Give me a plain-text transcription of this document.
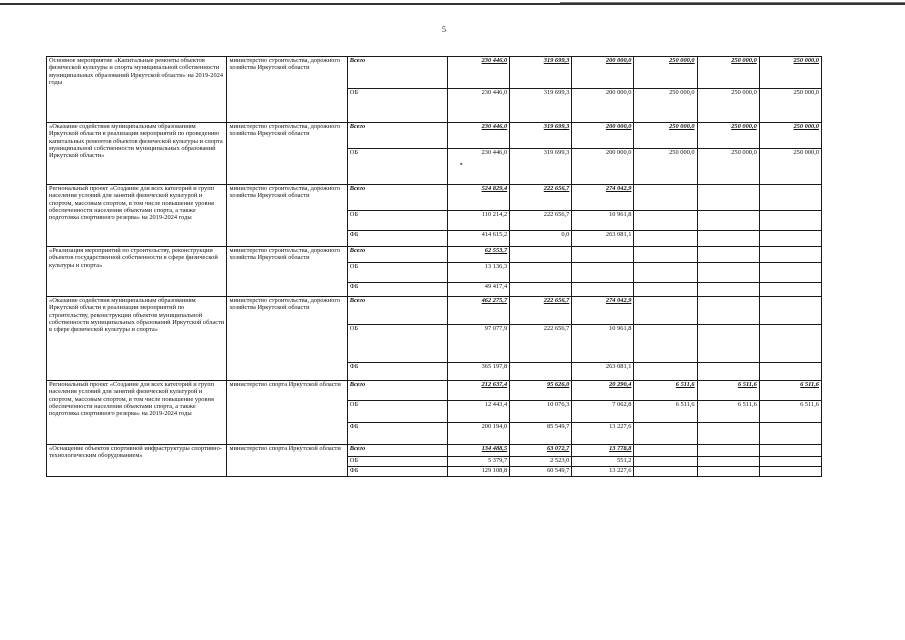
5
Основное мероприятие «Капитальные ремонты объектов физической культуры и спорта муниципальной собственности муниципальных образований Иркутской области» на 2019-2024 годы	министерство строительства, дорожного хозяйства Иркутской области	Всего	230 446,0	319 699,3	200 000,0	250 000,0	250 000,0	250 000,0
		ОБ	230 446,0	319 699,3	200 000,0	250 000,0	250 000,0	250 000,0
«Оказание содействия муниципальным образованиям Иркутской области в реализации мероприятий по проведению капитальных ремонтов объектов физической культуры и спорта муниципальной собственности муниципальных образований Иркутской области»	министерство строительства, дорожного хозяйства Иркутской области	Всего	230 446,0	319 699,3	200 000,0	250 000,0	250 000,0	250 000,0
		ОБ	230 446,0	319 699,3	200 000,0	250 000,0	250 000,0	250 000,0
Региональный проект «Создание для всех категорий и групп населения условий для занятий физической культурой и спортом, массовым спортом, в том числе повышение уровня обеспеченности населения объектами спорта, а также подготовка спортивного резерва» на 2019-2024 годы	министерство строительства, дорожного хозяйства Иркутской области	Всего	524 829,4	222 656,7	274 042,9			
		ОБ	110 214,2	222 656,7	10 961,8			
		ФБ	414 615,2	0,0	263 081,1			
«Реализация мероприятий по строительству, реконструкции объектов государственной собственности в сфере физической культуры и спорта»	министерство строительства, дорожного хозяйства Иркутской области	Всего	62 553,7					
		ОБ	13 136,3					
		ФБ	49 417,4					
«Оказание содействия муниципальным образованиям Иркутской области в реализации мероприятий по строительству, реконструкции объектов муниципальной собственности муниципальных образований Иркутской области в сфере физической культуры и спорта»	министерство строительства, дорожного хозяйства Иркутской области	Всего	462 275,7	222 656,7	274 042,9			
		ОБ	97 077,9	222 656,7	10 961,8			
		ФБ	365 197,8		263 081,1			
Региональный проект «Создание для всех категорий и групп населения условий для занятий физической культурой и спортом, массовым спортом, в том числе повышение уровня обеспеченности населения объектами спорта, а также подготовка спортивного резерва» на 2019-2024 годы	министерство спорта Иркутской области	Всего	212 637,4	95 626,0	20 290,4	6 511,6	6 511,6	6 511,6
		ОБ	12 443,4	10 076,3	7 062,8	6 511,6	6 511,6	6 511,6
		ФБ	200 194,0	85 549,7	13 227,6			
«Оснащение объектов спортивной инфраструктуры спортивно-технологическим оборудованием»	министерство спорта Иркутской области	Всего	134 488,5	63 072,7	13 778,8			
		ОБ	5 379,7	2 523,0	551,2			
		ФБ	129 108,8	60 549,7	13 227,6			
▪
